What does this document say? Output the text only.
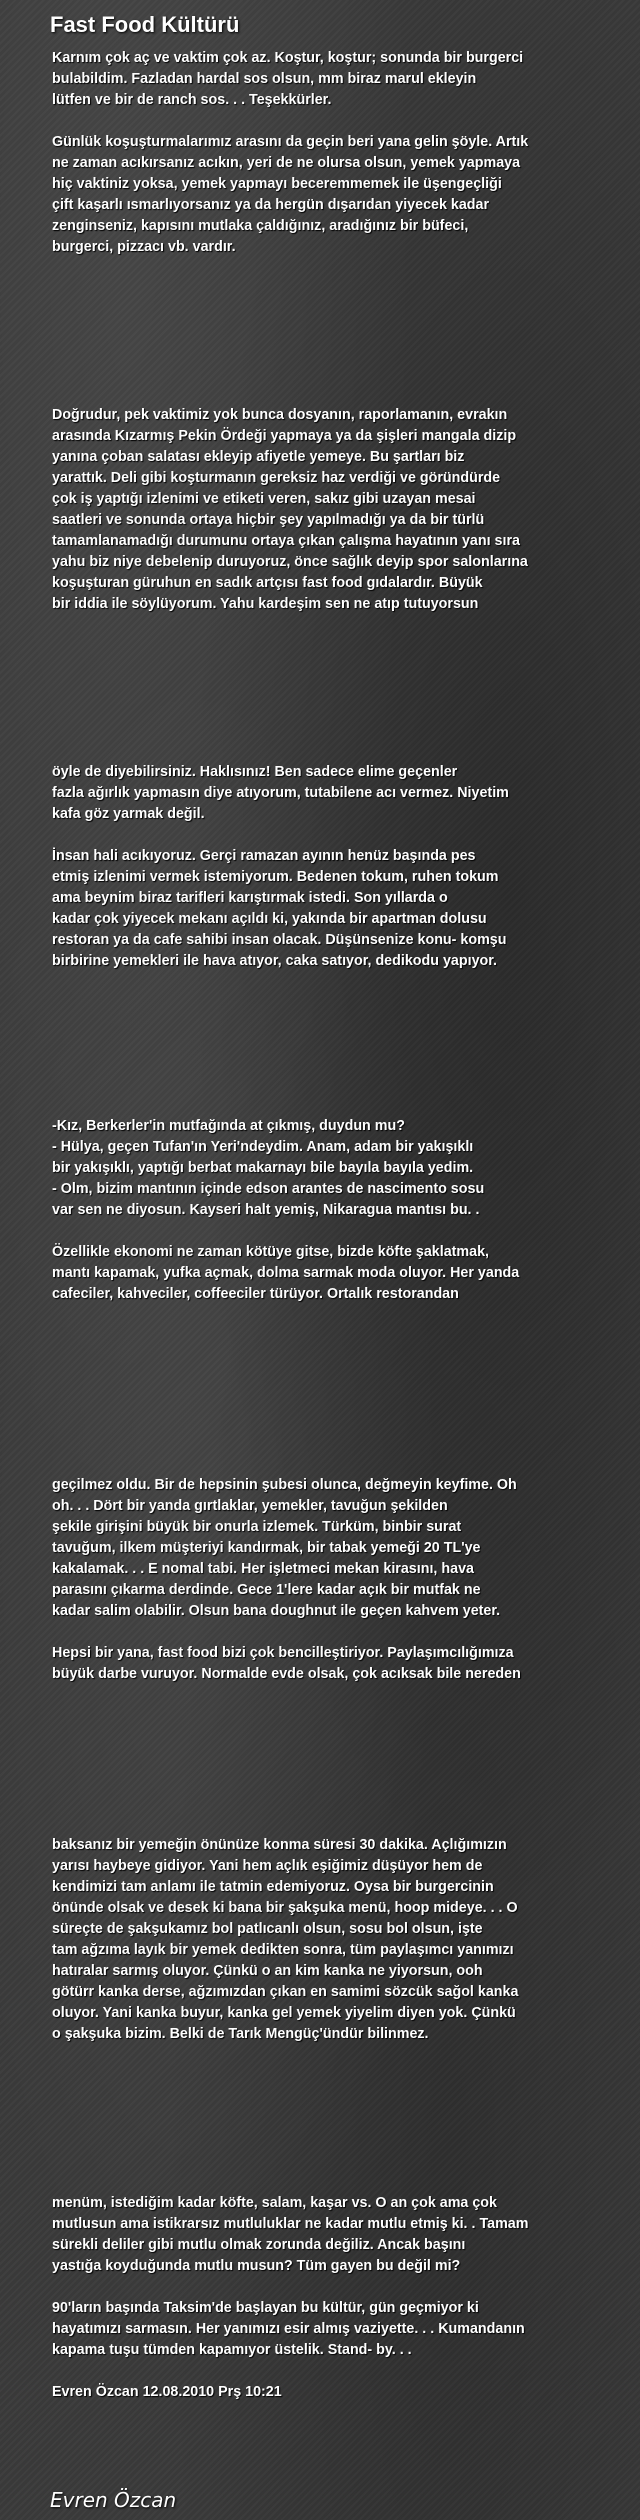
Fast Food Kültürü
Karnım çok aç ve vaktim çok az. Koştur, koştur; sonunda bir burgerci
bulabildim. Fazladan hardal sos olsun, mm biraz marul ekleyin
lütfen ve bir de ranch sos. . . Teşekkürler.

Günlük koşuşturmalarımız arasını da geçin beri yana gelin şöyle. Artık
ne zaman acıkırsanız acıkın, yeri de ne olursa olsun, yemek yapmaya
hiç vaktiniz yoksa, yemek yapmayı beceremmemek ile üşengeçliği
çift kaşarlı ısmarlıyorsanız ya da hergün dışarıdan yiyecek kadar
zenginseniz, kapısını mutlaka çaldığınız, aradığınız bir büfeci,
burgerci, pizzacı vb. vardır.
Doğrudur, pek vaktimiz yok bunca dosyanın, raporlamanın, evrakın
arasında Kızarmış Pekin Ördeği yapmaya ya da şişleri mangala dizip
yanına çoban salatası ekleyip afiyetle yemeye. Bu şartları biz
yarattık. Deli gibi koşturmanın gereksiz haz verdiği ve göründürde
çok iş yaptığı izlenimi ve etiketi veren, sakız gibi uzayan mesai
saatleri ve sonunda ortaya hiçbir şey yapılmadığı ya da bir türlü
tamamlanamadığı durumunu ortaya çıkan çalışma hayatının yanı sıra
yahu biz niye debelenip duruyoruz, önce sağlık deyip spor salonlarına
koşuşturan güruhun en sadık artçısı fast food gıdalardır. Büyük
bir iddia ile söylüyorum. Yahu kardeşim sen ne atıp tutuyorsun
öyle de diyebilirsiniz. Haklısınız! Ben sadece elime geçenler
fazla ağırlık yapmasın diye atıyorum, tutabilene acı vermez. Niyetim
kafa göz yarmak değil.

İnsan hali acıkıyoruz. Gerçi ramazan ayının henüz başında pes
etmiş izlenimi vermek istemiyorum. Bedenen tokum, ruhen tokum
ama beynim biraz tarifleri karıştırmak istedi. Son yıllarda o
kadar çok yiyecek mekanı açıldı ki, yakında bir apartman dolusu
restoran ya da cafe sahibi insan olacak. Düşünsenize konu- komşu
birbirine yemekleri ile hava atıyor, caka satıyor, dedikodu yapıyor.
-Kız, Berkerler'in mutfağında at çıkmış, duydun mu?
- Hülya, geçen Tufan'ın Yeri'ndeydim. Anam, adam bir yakışıklı
bir yakışıklı, yaptığı berbat makarnayı bile bayıla bayıla yedim.
- Olm, bizim mantının içinde edson arantes de nascimento sosu
var sen ne diyosun. Kayseri halt yemiş, Nikaragua mantısı bu. .

Özellikle ekonomi ne zaman kötüye gitse, bizde köfte şaklatmak,
mantı kapamak, yufka açmak, dolma sarmak moda oluyor. Her yanda
cafeciler, kahveciler, coffeeciler türüyor. Ortalık restorandan
geçilmez oldu. Bir de hepsinin şubesi olunca, değmeyin keyfime. Oh
oh. . . Dört bir yanda gırtlaklar, yemekler, tavuğun şekilden
şekile girişini büyük bir onurla izlemek. Türküm, binbir surat
tavuğum, ilkem müşteriyi kandırmak, bir tabak yemeği 20 TL'ye
kakalamak. . . E nomal tabi. Her işletmeci mekan kirasını, hava
parasını çıkarma derdinde. Gece 1'lere kadar açık bir mutfak ne
kadar salim olabilir. Olsun bana doughnut ile geçen kahvem yeter.

Hepsi bir yana, fast food bizi çok bencilleştiriyor. Paylaşımcılığımıza
büyük darbe vuruyor. Normalde evde olsak, çok acıksak bile nereden
baksanız bir yemeğin önünüze konma süresi 30 dakika. Açlığımızın
yarısı haybeye gidiyor. Yani hem açlık eşiğimiz düşüyor hem de
kendimizi tam anlamı ile tatmin edemiyoruz. Oysa bir burgercinin
önünde olsak ve desek ki bana bir şakşuka menü, hoop mideye. . . O
süreçte de şakşukamız bol patlıcanlı olsun, sosu bol olsun, işte
tam ağzıma layık bir yemek dedikten sonra, tüm paylaşımcı yanımızı
hatıralar sarmış oluyor. Çünkü o an kim kanka ne yiyorsun, ooh
götürr kanka derse, ağzımızdan çıkan en samimi sözcük sağol kanka
oluyor. Yani kanka buyur, kanka gel yemek yiyelim diyen yok. Çünkü
o şakşuka bizim. Belki de Tarık Mengüç'ündür bilinmez.
menüm, istediğim kadar köfte, salam, kaşar vs. O an çok ama çok
mutlusun ama istikrarsız mutluluklar ne kadar mutlu etmiş ki. . Tamam
sürekli deliler gibi mutlu olmak zorunda değiliz. Ancak başını
yastığa koyduğunda mutlu musun? Tüm gayen bu değil mi?

90'ların başında Taksim'de başlayan bu kültür, gün geçmiyor ki
hayatımızı sarmasın. Her yanımızı esir almış vaziyette. . . Kumandanın
kapama tuşu tümden kapamıyor üstelik. Stand- by. . .

Evren Özcan 12.08.2010 Prş 10:21
Evren Özcan
